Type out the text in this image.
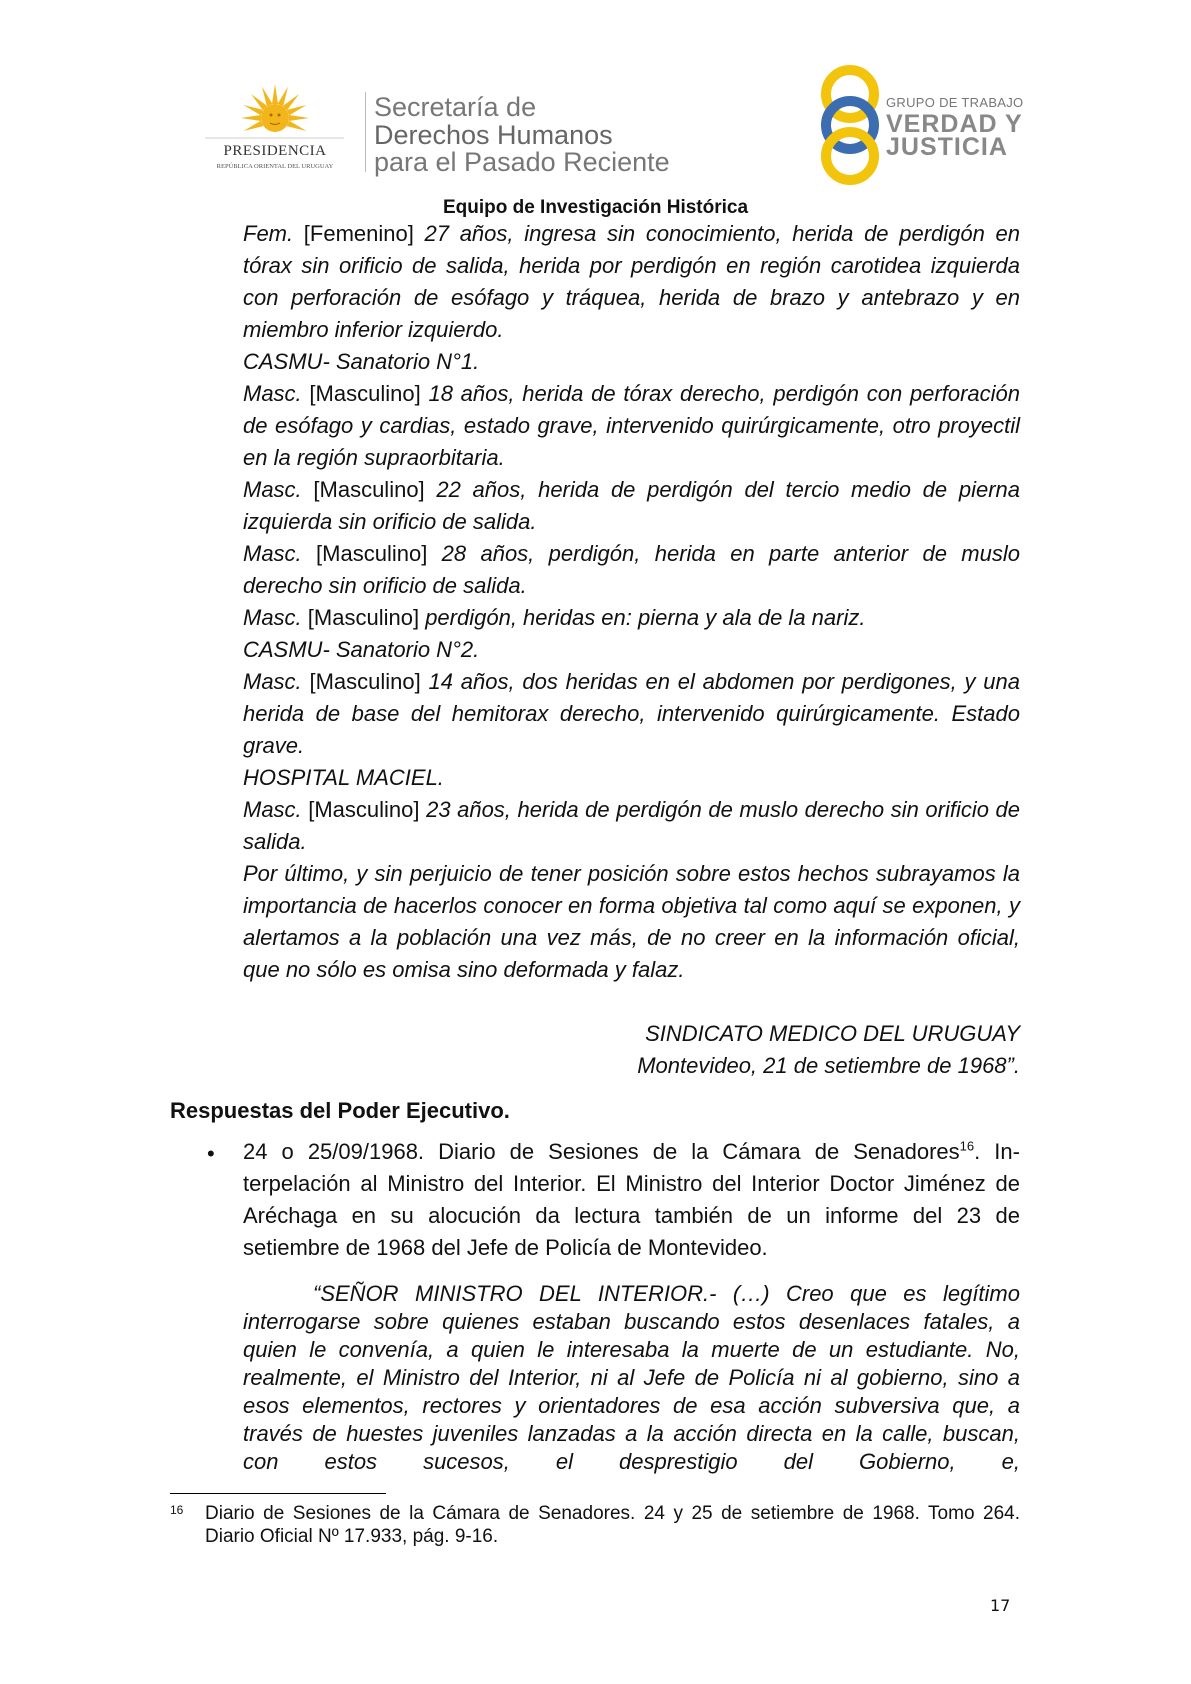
PRESIDENCIA
REPÚBLICA ORIENTAL DEL URUGUAY
Secretaría de
Derechos Humanos
para el Pasado Reciente
GRUPO DE TRABAJO
VERDAD Y
JUSTICIA
Equipo de Investigación Histórica
Fem. [Femenino] 27 años, ingresa sin conocimiento, herida de perdigón en tórax sin orificio de salida, herida por perdigón en región carotidea izquierda con perforación de esófago y tráquea, herida de brazo y antebrazo y en miembro inferior izquierdo.
CASMU- Sanatorio N°1.
Masc. [Masculino] 18 años, herida de tórax derecho, perdigón con perforación de esófago y cardias, estado grave, intervenido quirúrgicamente, otro proyectil en la región supraorbitaria.
Masc. [Masculino] 22 años, herida de perdigón del tercio medio de pierna izquierda sin orificio de salida.
Masc. [Masculino] 28 años, perdigón, herida en parte anterior de muslo derecho sin orificio de salida.
Masc. [Masculino] perdigón, heridas en: pierna y ala de la nariz.
CASMU- Sanatorio N°2.
Masc. [Masculino] 14 años, dos heridas en el abdomen por perdigones, y una herida de base del hemitorax derecho, intervenido quirúrgicamente. Estado grave.
HOSPITAL MACIEL.
Masc. [Masculino] 23 años, herida de perdigón de muslo derecho sin orificio de salida.
Por último, y sin perjuicio de tener posición sobre estos hechos subrayamos la importancia de hacerlos conocer en forma objetiva tal como aquí se exponen, y alertamos a la población una vez más, de no creer en la información oficial, que no sólo es omisa sino deformada y falaz.
SINDICATO MEDICO DEL URUGUAY
Montevideo, 21 de setiembre de 1968”.
Respuestas del Poder Ejecutivo.
• 24 o 25/09/1968. Diario de Sesiones de la Cámara de Senadores$^{16}$. In-terpelación al Ministro del Interior. El Ministro del Interior Doctor Jiménez de Aréchaga en su alocución da lectura también de un informe del 23 de setiembre de 1968 del Jefe de Policía de Montevideo.
“SEÑOR MINISTRO DEL INTERIOR.- (…) Creo que es legítimo interrogarse sobre quienes estaban buscando estos desenlaces fatales, a quien le convenía, a quien le interesaba la muerte de un estudiante. No, realmente, el Ministro del Interior, ni al Jefe de Policía ni al gobierno, sino a esos elementos, rectores y orientadores de esa acción subversiva que, a través de huestes juveniles lanzadas a la acción directa en la calle, buscan, con estos sucesos, el desprestigio del Gobierno, e,
16 Diario de Sesiones de la Cámara de Senadores. 24 y 25 de setiembre de 1968. Tomo 264. Diario Oficial Nº 17.933, pág. 9-16.
17
